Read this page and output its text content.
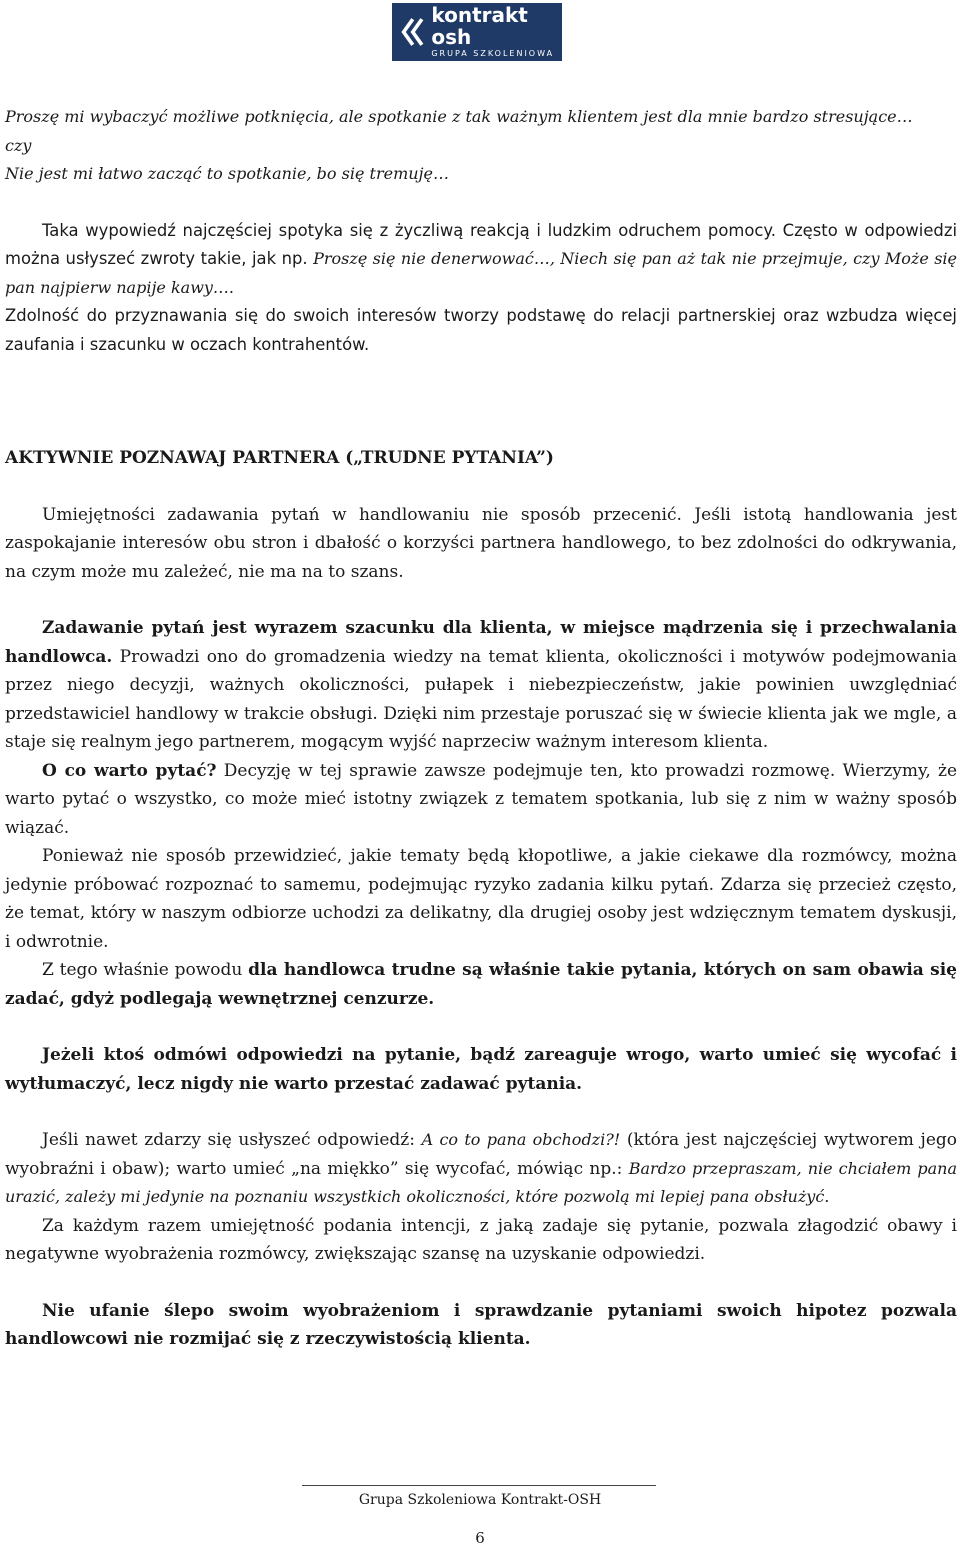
kontrakt osh
GRUPA SZKOLENIOWA

Proszę mi wybaczyć możliwe potknięcia, ale spotkanie z tak ważnym klientem jest dla mnie bardzo stresujące…

czy

Nie jest mi łatwo zacząć to spotkanie, bo się tremuję…

Taka wypowiedź najczęściej spotyka się z życzliwą reakcją i ludzkim odruchem pomocy. Często w odpowiedzi można usłyszeć zwroty takie, jak np. Proszę się nie denerwować…, Niech się pan aż tak nie przejmuje, czy Może się pan najpierw napije kawy….

Zdolność do przyznawania się do swoich interesów tworzy podstawę do relacji partnerskiej oraz wzbudza więcej zaufania i szacunku w oczach kontrahentów.

AKTYWNIE POZNAWAJ PARTNERA („TRUDNE PYTANIA”)

Umiejętności zadawania pytań w handlowaniu nie sposób przecenić. Jeśli istotą handlowania jest zaspokajanie interesów obu stron i dbałość o korzyści partnera handlowego, to bez zdolności do odkrywania, na czym może mu zależeć, nie ma na to szans.

Zadawanie pytań jest wyrazem szacunku dla klienta, w miejsce mądrzenia się i przechwalania handlowca. Prowadzi ono do gromadzenia wiedzy na temat klienta, okoliczności i motywów podejmowania przez niego decyzji, ważnych okoliczności, pułapek i niebezpieczeństw, jakie powinien uwzględniać przedstawiciel handlowy w trakcie obsługi. Dzięki nim przestaje poruszać się w świecie klienta jak we mgle, a staje się realnym jego partnerem, mogącym wyjść naprzeciw ważnym interesom klienta.

O co warto pytać? Decyzję w tej sprawie zawsze podejmuje ten, kto prowadzi rozmowę. Wierzymy, że warto pytać o wszystko, co może mieć istotny związek z tematem spotkania, lub się z nim w ważny sposób wiązać.

Ponieważ nie sposób przewidzieć, jakie tematy będą kłopotliwe, a jakie ciekawe dla rozmówcy, można jedynie próbować rozpoznać to samemu, podejmując ryzyko zadania kilku pytań. Zdarza się przecież często, że temat, który w naszym odbiorze uchodzi za delikatny, dla drugiej osoby jest wdzięcznym tematem dyskusji, i odwrotnie.

Z tego właśnie powodu dla handlowca trudne są właśnie takie pytania, których on sam obawia się zadać, gdyż podlegają wewnętrznej cenzurze.

Jeżeli ktoś odmówi odpowiedzi na pytanie, bądź zareaguje wrogo, warto umieć się wycofać i wytłumaczyć, lecz nigdy nie warto przestać zadawać pytania.

Jeśli nawet zdarzy się usłyszeć odpowiedź: A co to pana obchodzi?! (która jest najczęściej wytworem jego wyobraźni i obaw); warto umieć „na miękko” się wycofać, mówiąc np.: Bardzo przepraszam, nie chciałem pana urazić, zależy mi jedynie na poznaniu wszystkich okoliczności, które pozwolą mi lepiej pana obsłużyć.

Za każdym razem umiejętność podania intencji, z jaką zadaje się pytanie, pozwala złagodzić obawy i negatywne wyobrażenia rozmówcy, zwiększając szansę na uzyskanie odpowiedzi.

Nie ufanie ślepo swoim wyobrażeniom i sprawdzanie pytaniami swoich hipotez pozwala handlowcowi nie rozmijać się z rzeczywistością klienta.

Grupa Szkoleniowa Kontrakt-OSH
6
